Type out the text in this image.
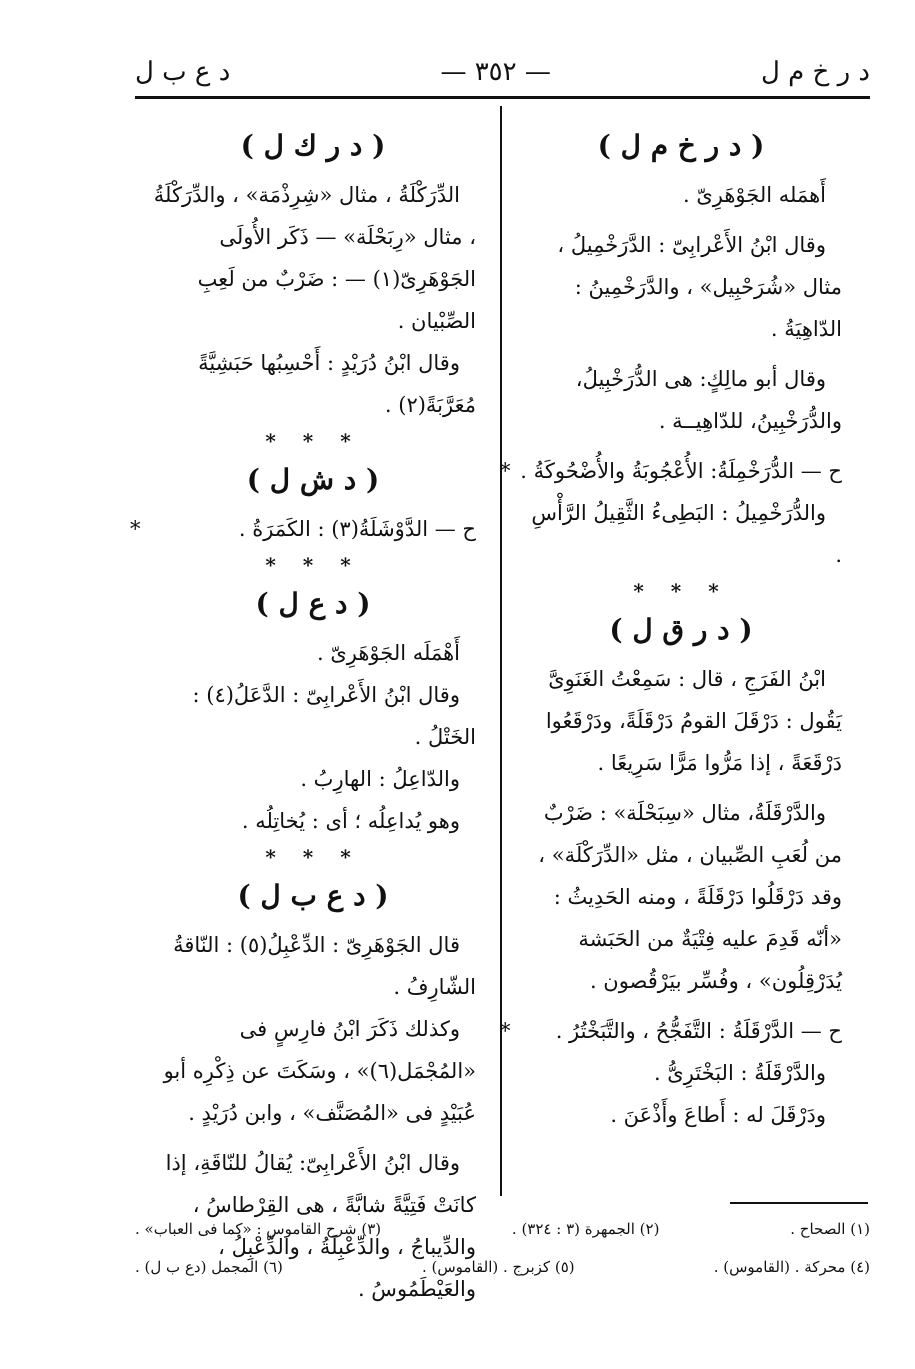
د ر خ م ل
— ٣٥٢ —
د ع ب ل
( د ر خ م ل )

أَهمَله الجَوْهَرِىّ .

وقال ابْنُ الأَعْرابِىّ : الدَّرَخْمِيلُ ، مثال «شُرَحْبِيل» ، والدَّرَخْمِينُ : الدّاهِيَةُ .

وقال أبو مالِكٍ: هى الدُّرَخْبِيلُ، والدُّرَخْبِينُ، للدّاهِيــة .

ح — الدُّرَخْمِلَةُ: الأُعْجُوبَةُ والأُضْحُوكَةُ .
*

والدُّرَخْمِيلُ : البَطِىءُ الثَّقِيلُ الرَّأْسِ .

* * *
( د ر ق ل )

ابْنُ الفَرَجِ ، قال : سَمِعْتُ الغَنَوِىَّ يَقُول : دَرْقَلَ القومُ دَرْقَلَةً، ودَرْقَعُوا دَرْقَعَةً ، إذا مَرُّوا مَرًّا سَرِيعًا .

والدَّرْقَلَةُ، مثال «سِبَحْلَة» : ضَرْبٌ من لُعَبِ الصِّبيان ، مثل «الدِّرَكْلَة» ، وقد دَرْقَلُوا دَرْقَلَةً ، ومنه الحَدِيثُ : «أنّه قَدِمَ عليه فِتْيَةٌ من الحَبَشة يُدَرْقِلُون» ، وفُسِّر بيَرْقُصون .

ح — الدَّرْقَلَةُ : التَّفَجُّحُ ، والتَّبَخْتُرُ .
*

والدَّرْقَلَةُ : البَخْتَرِىُّ .

ودَرْقَلَ له : أَطاعَ وأَذْعَنَ .

( د ر ك ل )

الدِّرَكْلَةُ ، مثال «شِرِذْمَة» ، والدِّرَكْلَةُ ، مثال «رِبَحْلَة» — ذَكَر الأُولَى الجَوْهَرِىّ(١) — : ضَرْبٌ من لَعِبِ الصِّبْيان .

وقال ابْنُ دُرَيْدٍ : أَحْسِبُها حَبَشِيَّةً مُعَرَّبَةً(٢) .

* * *
( د ش ل )

ح — الدَّوْشَلَةُ(٣) : الكَمَرَةُ .
*

* * *
( د ع ل )

أَهْمَلَه الجَوْهَرِىّ .

وقال ابْنُ الأَعْرابِىّ : الدَّعَلُ(٤) : الخَتْلُ .

والدّاعِلُ : الهارِبُ .

وهو يُداعِلُه ؛ أى : يُخاتِلُه .

* * *
( د ع ب ل )

قال الجَوْهَرِىّ : الدِّعْبِلُ(٥) : النّاقةُ الشّارِفُ .

وكذلك ذَكَرَ ابْنُ فارِسٍ فى «المُجْمَل(٦)» ، وسَكَتَ عن ذِكْرِه أبو عُبَيْدٍ فى «المُصَنَّف» ، وابن دُرَيْدٍ .

وقال ابْنُ الأَعْرابِىّ: يُقالُ للنّاقَةِ، إذا كانَتْ فَتِيَّةً شابَّةً ، هى القِرْطاسُ ، والدِّيباجُ ، والدِّعْبِلَةُ ، والدِّعْبِلُ ، والعَيْطَمُوسُ .

(١) الصحاح .
(٢) الجمهرة (٣ : ٣٢٤) .
(٣) شرح القاموس : «كما فى العباب» .
(٤) محركة . (القاموس) .
(٥) كزبرج . (القاموس) .
(٦) المجمل (دع ب ل) .
